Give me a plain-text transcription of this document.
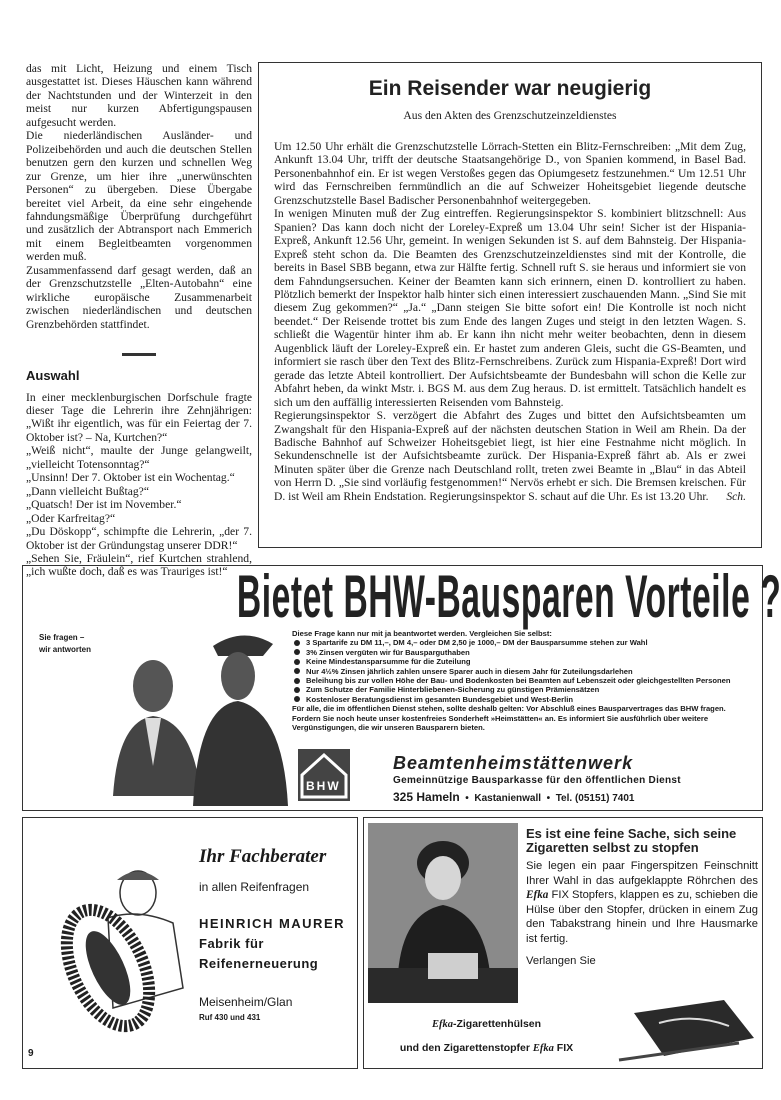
das mit Licht, Heizung und einem Tisch ausgestattet ist. Dieses Häuschen kann während der Nachtstunden und der Winterzeit in den meist nur kurzen Abfertigungspausen aufgesucht werden.

Die niederländischen Ausländer- und Polizeibehörden und auch die deutschen Stellen benutzen gern den kurzen und schnellen Weg zur Grenze, um hier ihre „unerwünschten Personen“ zu übergeben. Diese Übergabe bereitet viel Arbeit, da eine sehr eingehende fahndungsmäßige Überprüfung durchgeführt und zusätzlich der Abtransport nach Emmerich mit einem Begleitbeamten vorgenommen werden muß.

Zusammenfassend darf gesagt werden, daß an der Grenzschutzstelle „Elten-Autobahn“ eine wirkliche europäische Zusammenarbeit zwischen niederländischen und deutschen Grenzbehörden stattfindet.

Auswahl

In einer mecklenburgischen Dorfschule fragte dieser Tage die Lehrerin ihre Zehnjährigen: „Wißt ihr eigentlich, was für ein Feiertag der 7. Oktober ist? – Na, Kurtchen?“

„Weiß nicht“, maulte der Junge gelangweilt, „vielleicht Totensonntag?“

„Unsinn! Der 7. Oktober ist ein Wochentag.“

„Dann vielleicht Bußtag?“

„Quatsch! Der ist im November.“

„Oder Karfreitag?“

„Du Döskopp“, schimpfte die Lehrerin, „der 7. Oktober ist der Gründungstag unserer DDR!“

„Sehen Sie, Fräulein“, rief Kurtchen strahlend, „ich wußte doch, daß es was Trauriges ist!“

Ein Reisender war neugierig
Aus den Akten des Grenzschutzeinzeldienstes

Um 12.50 Uhr erhält die Grenzschutzstelle Lörrach-Stetten ein Blitz-Fernschreiben: „Mit dem Zug, Ankunft 13.04 Uhr, trifft der deutsche Staatsangehörige D., von Spanien kommend, in Basel Bad. Personenbahnhof ein. Er ist wegen Verstoßes gegen das Opiumgesetz festzunehmen.“ Um 12.51 Uhr wird das Fernschreiben fernmündlich an die auf Schweizer Hoheitsgebiet liegende deutsche Grenzschutzstelle Basel Badischer Personenbahnhof weitergegeben.

In wenigen Minuten muß der Zug eintreffen. Regierungsinspektor S. kombiniert blitzschnell: Aus Spanien? Das kann doch nicht der Loreley-Expreß um 13.04 Uhr sein! Sicher ist der Hispania-Expreß, Ankunft 12.56 Uhr, gemeint. In wenigen Sekunden ist S. auf dem Bahnsteig. Der Hispania-Expreß steht schon da. Die Beamten des Grenzschutzeinzeldienstes sind mit der Kontrolle, die bereits in Basel SBB begann, etwa zur Hälfte fertig. Schnell ruft S. sie heraus und informiert sie von dem Fahndungsersuchen. Keiner der Beamten kann sich erinnern, einen D. kontrolliert zu haben. Plötzlich bemerkt der Inspektor halb hinter sich einen interessiert zuschauenden Mann. „Sind Sie mit diesem Zug gekommen?“ „Ja.“ „Dann steigen Sie bitte sofort ein! Die Kontrolle ist noch nicht beendet.“ Der Reisende trottet bis zum Ende des langen Zuges und steigt in den letzten Wagen. S. schließt die Wagentür hinter ihm ab. Er kann ihn nicht mehr weiter beobachten, denn in diesem Augenblick läuft der Loreley-Expreß ein. Er hastet zum anderen Gleis, sucht die GS-Beamten, und informiert sie rasch über den Text des Blitz-Fernschreibens. Zurück zum Hispania-Expreß! Dort wird gerade das letzte Abteil kontrolliert. Der Aufsichtsbeamte der Bundesbahn will schon die Kelle zur Abfahrt heben, da winkt Mstr. i. BGS M. aus dem Zug heraus. D. ist ermittelt. Tatsächlich handelt es sich um den auffällig interessierten Reisenden vom Bahnsteig.

Regierungsinspektor S. verzögert die Abfahrt des Zuges und bittet den Aufsichtsbeamten um Zwangshalt für den Hispania-Expreß auf der nächsten deutschen Station in Weil am Rhein. Da der Badische Bahnhof auf Schweizer Hoheitsgebiet liegt, ist hier eine Festnahme nicht möglich. In Sekundenschnelle ist der Aufsichtsbeamte zurück. Der Hispania-Expreß fährt ab. Als er zwei Minuten später über die Grenze nach Deutschland rollt, treten zwei Beamte in „Blau“ in das Abteil von Herrn D. „Sie sind vorläufig festgenommen!“ Nervös erhebt er sich. Die Bremsen kreischen. Für D. ist Weil am Rhein Endstation. Regierungsinspektor S. schaut auf die Uhr. Es ist 13.20 Uhr. Sch.

Bietet BHW-Bausparen Vorteile ?
Sie fragen –
wir antworten
Diese Frage kann nur mit ja beantwortet werden. Vergleichen Sie selbst:
3 Spartarife zu DM 11,–, DM 4,– oder DM 2,50 je 1000,– DM der Bausparsumme stehen zur Wahl
3% Zinsen vergüten wir für Bausparguthaben
Keine Mindestansparsumme für die Zuteilung
Nur 4½% Zinsen jährlich zahlen unsere Sparer auch in diesem Jahr für Zuteilungsdarlehen
Beleihung bis zur vollen Höhe der Bau- und Bodenkosten bei Beamten auf Lebenszeit oder gleichgestellten Personen
Zum Schutze der Familie Hinterbliebenen-Sicherung zu günstigen Prämiensätzen
Kostenloser Beratungsdienst im gesamten Bundesgebiet und West-Berlin
Für alle, die im öffentlichen Dienst stehen, sollte deshalb gelten: Vor Abschluß eines Bausparvertrages das BHW fragen.
Fordern Sie noch heute unser kostenfreies Sonderheft »Heimstätten« an. Es informiert Sie ausführlich über weitere Vergünstigungen, die wir unseren Bausparern bieten.
BHW
Beamtenheimstättenwerk
Gemeinnützige Bausparkasse für den öffentlichen Dienst
325 Hameln • Kastanienwall • Tel. (05151) 7401
Ihr Fachberater
in allen Reifenfragen
HEINRICH MAURER
Fabrik für
Reifenerneuerung
Meisenheim/Glan
Ruf 430 und 431
Es ist eine feine Sache, sich seine Zigaretten selbst zu stopfen
Sie legen ein paar Fingerspitzen Feinschnitt Ihrer Wahl in das aufgeklappte Röhrchen des Efka FIX Stopfers, klappen es zu, schieben die Hülse über den Stopfer, drücken in einem Zug den Tabakstrang hinein und Ihre Hausmarke ist fertig.
Verlangen Sie
Efka-Zigarettenhülsen
und den Zigarettenstopfer Efka FIX
9
